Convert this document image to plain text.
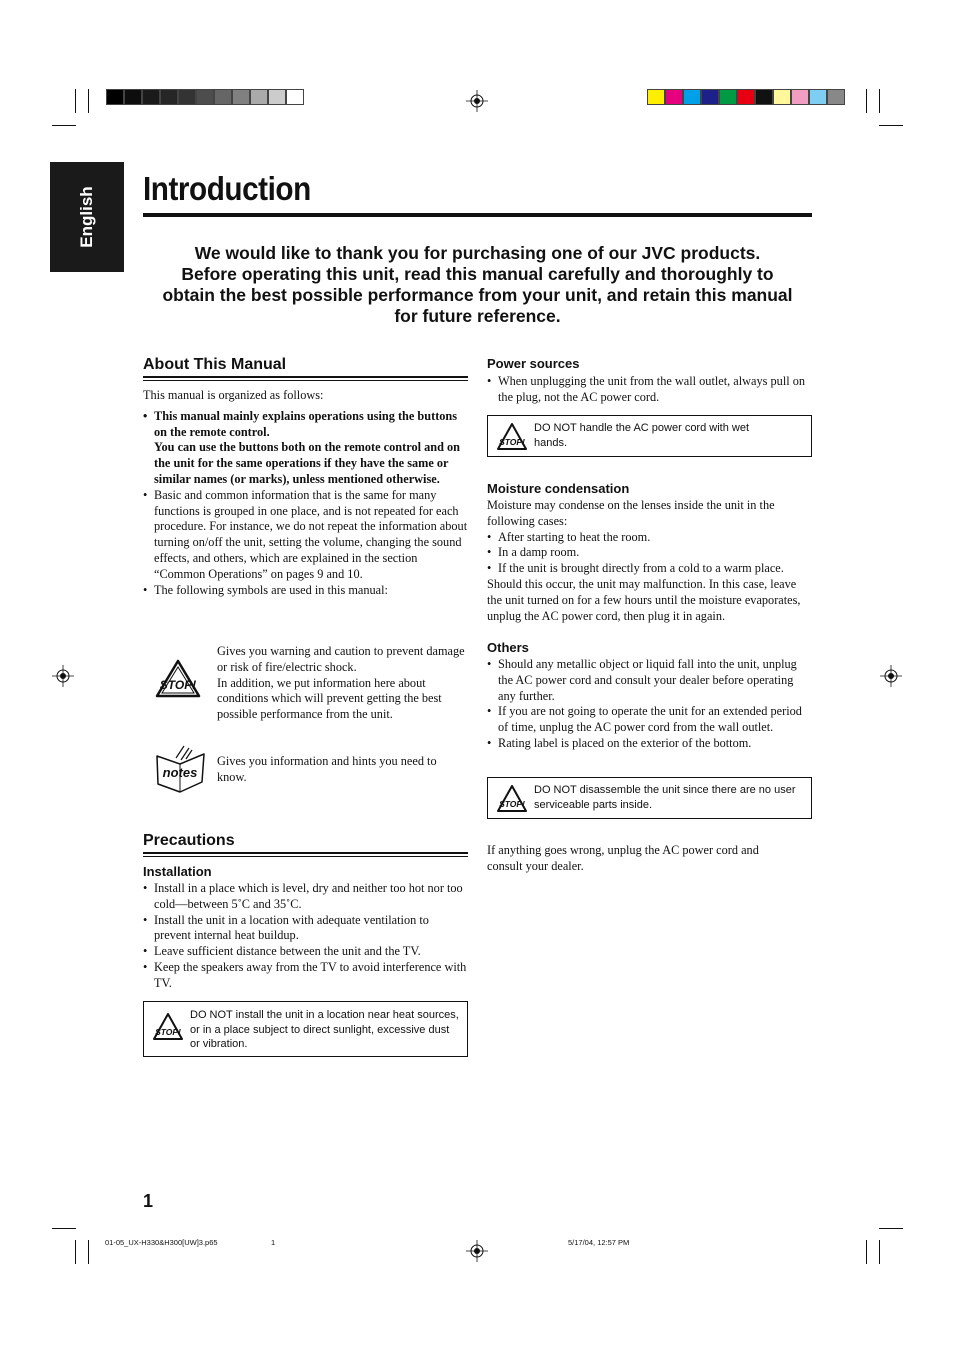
English Introduction
We would like to thank you for purchasing one of our JVC products.
Before operating this unit, read this manual carefully and thoroughly to
obtain the best possible performance from your unit, and retain this manual
for future reference.
About This Manual
This manual is organized as follows:
• This manual mainly explains operations using the buttons on the remote control.
You can use the buttons both on the remote control and on the unit for the same operations if they have the same or similar names (or marks), unless mentioned otherwise.
• Basic and common information that is the same for many functions is grouped in one place, and is not repeated for each procedure. For instance, we do not repeat the information about turning on/off the unit, setting the volume, changing the sound effects, and others, which are explained in the section “Common Operations” on pages 9 and 10.
• The following symbols are used in this manual:
STOP!
Gives you warning and caution to prevent damage or risk of fire/electric shock.
In addition, we put information here about conditions which will prevent getting the best possible performance from the unit.
notes
Gives you information and hints you need to know.
Precautions
Installation
• Install in a place which is level, dry and neither too hot nor too cold—between 5˚C and 35˚C.
• Install the unit in a location with adequate ventilation to prevent internal heat buildup.
• Leave sufficient distance between the unit and the TV.
• Keep the speakers away from the TV to avoid interference with TV.
STOP!
DO NOT install the unit in a location near heat sources, or in a place subject to direct sunlight, excessive dust or vibration.
Power sources
• When unplugging the unit from the wall outlet, always pull on the plug, not the AC power cord.
STOP!
DO NOT handle the AC power cord with wet hands.
Moisture condensation
Moisture may condense on the lenses inside the unit in the following cases:
• After starting to heat the room.
• In a damp room.
• If the unit is brought directly from a cold to a warm place.
Should this occur, the unit may malfunction. In this case, leave the unit turned on for a few hours until the moisture evaporates, unplug the AC power cord, then plug it in again.
Others
• Should any metallic object or liquid fall into the unit, unplug the AC power cord and consult your dealer before operating any further.
• If you are not going to operate the unit for an extended period of time, unplug the AC power cord from the wall outlet.
• Rating label is placed on the exterior of the bottom.
STOP!
DO NOT disassemble the unit since there are no user serviceable parts inside.
If anything goes wrong, unplug the AC power cord and consult your dealer.
1
01-05_UX-H330&H300[UW]3.p65	1	5/17/04, 12:57 PM
